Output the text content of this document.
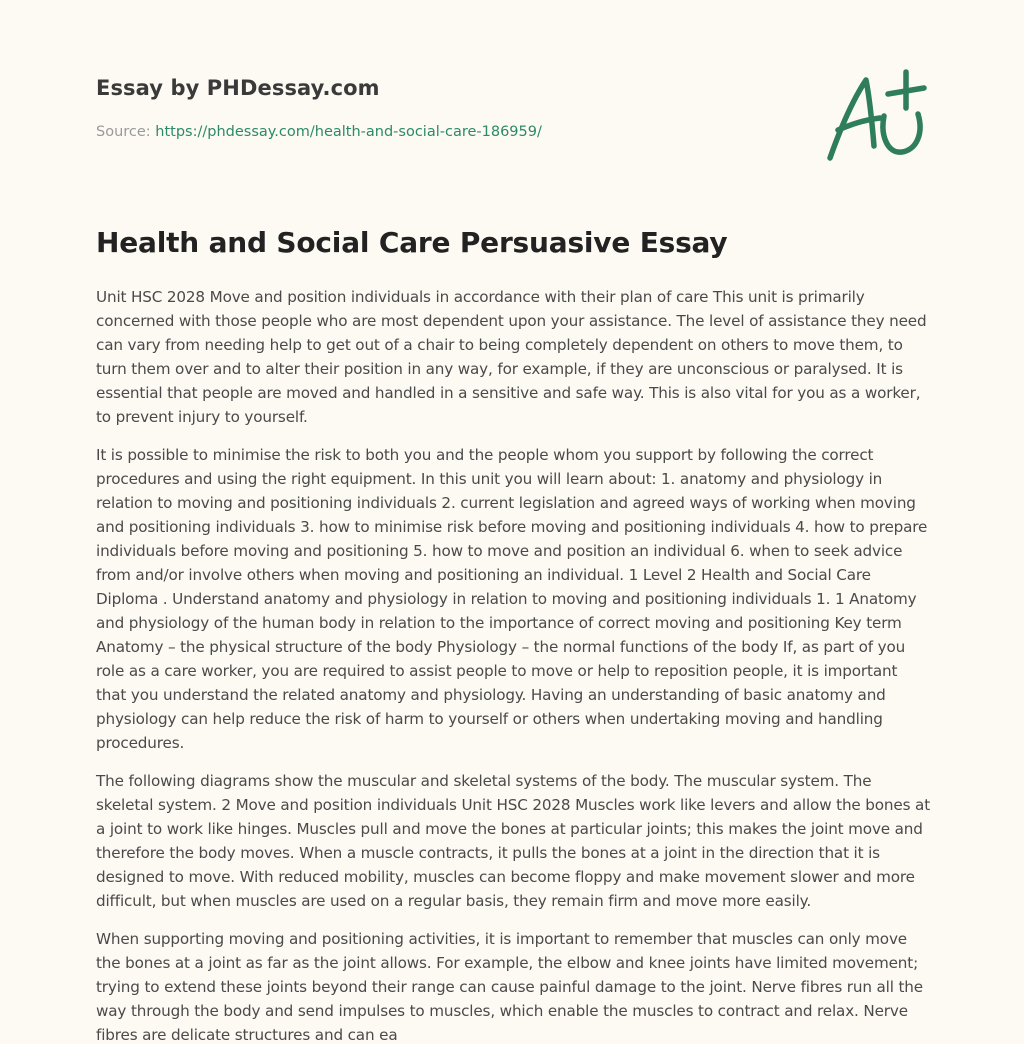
Essay by PHDessay.com
Source: https://phdessay.com/health-and-social-care-186959/
Health and Social Care Persuasive Essay

Unit HSC 2028 Move and position individuals in accordance with their plan of care This unit is primarily concerned with those people who are most dependent upon your assistance. The level of assistance they need can vary from needing help to get out of a chair to being completely dependent on others to move them, to turn them over and to alter their position in any way, for example, if they are unconscious or paralysed. It is essential that people are moved and handled in a sensitive and safe way. This is also vital for you as a worker, to prevent injury to yourself.

It is possible to minimise the risk to both you and the people whom you support by following the correct procedures and using the right equipment. In this unit you will learn about: 1. anatomy and physiology in relation to moving and positioning individuals 2. current legislation and agreed ways of working when moving and positioning individuals 3. how to minimise risk before moving and positioning individuals 4. how to prepare individuals before moving and positioning 5. how to move and position an individual 6. when to seek advice from and/or involve others when moving and positioning an individual. 1 Level 2 Health and Social Care Diploma . Understand anatomy and physiology in relation to moving and positioning individuals 1. 1 Anatomy and physiology of the human body in relation to the importance of correct moving and positioning Key term Anatomy – the physical structure of the body Physiology – the normal functions of the body If, as part of you role as a care worker, you are required to assist people to move or help to reposition people, it is important that you understand the related anatomy and physiology. Having an understanding of basic anatomy and physiology can help reduce the risk of harm to yourself or others when undertaking moving and handling procedures.

The following diagrams show the muscular and skeletal systems of the body. The muscular system. The skeletal system. 2 Move and position individuals Unit HSC 2028 Muscles work like levers and allow the bones at a joint to work like hinges. Muscles pull and move the bones at particular joints; this makes the joint move and therefore the body moves. When a muscle contracts, it pulls the bones at a joint in the direction that it is designed to move. With reduced mobility, muscles can become floppy and make movement slower and more difficult, but when muscles are used on a regular basis, they remain firm and move more easily.

When supporting moving and positioning activities, it is important to remember that muscles can only move the bones at a joint as far as the joint allows. For example, the elbow and knee joints have limited movement; trying to extend these joints beyond their range can cause painful damage to the joint. Nerve fibres run all the way through the body and send impulses to muscles, which enable the muscles to contract and relax. Nerve fibres are delicate structures and can ea
